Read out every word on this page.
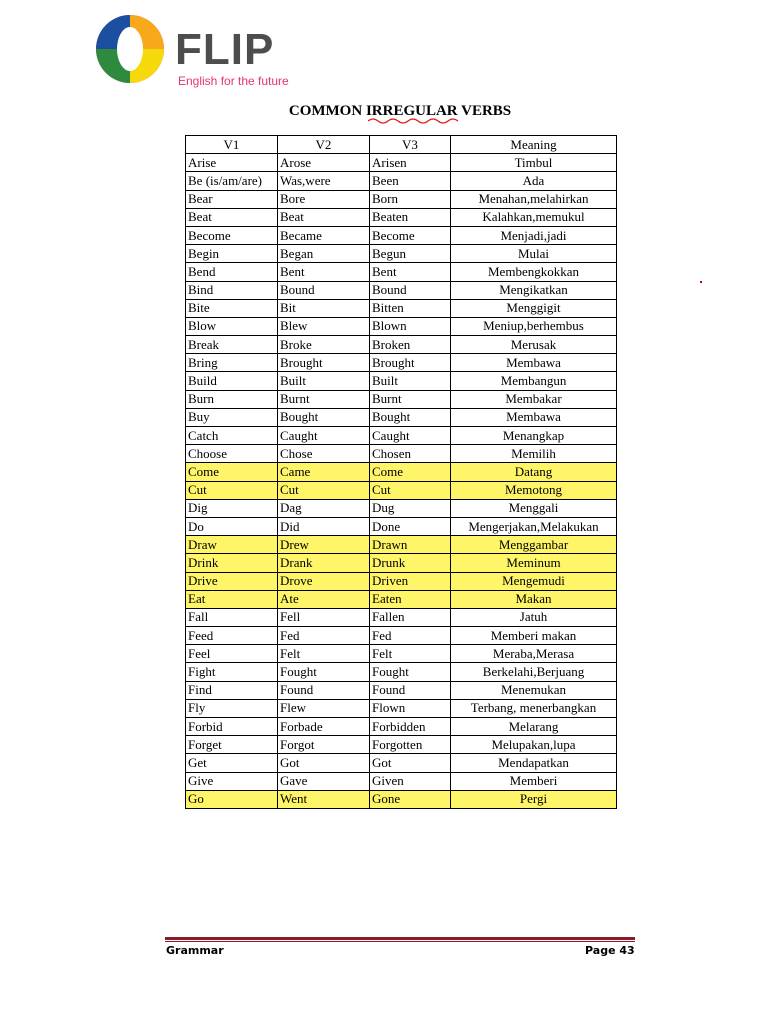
FLIP
English for the future
COMMON IRREGULAR VERBS
V1	V2	V3	Meaning
Arise	Arose	Arisen	Timbul
Be (is/am/are)	Was,were	Been	Ada
Bear	Bore	Born	Menahan,melahirkan
Beat	Beat	Beaten	Kalahkan,memukul
Become	Became	Become	Menjadi,jadi
Begin	Began	Begun	Mulai
Bend	Bent	Bent	Membengkokkan
Bind	Bound	Bound	Mengikatkan
Bite	Bit	Bitten	Menggigit
Blow	Blew	Blown	Meniup,berhembus
Break	Broke	Broken	Merusak
Bring	Brought	Brought	Membawa
Build	Built	Built	Membangun
Burn	Burnt	Burnt	Membakar
Buy	Bought	Bought	Membawa
Catch	Caught	Caught	Menangkap
Choose	Chose	Chosen	Memilih
Come	Came	Come	Datang
Cut	Cut	Cut	Memotong
Dig	Dag	Dug	Menggali
Do	Did	Done	Mengerjakan,Melakukan
Draw	Drew	Drawn	Menggambar
Drink	Drank	Drunk	Meminum
Drive	Drove	Driven	Mengemudi
Eat	Ate	Eaten	Makan
Fall	Fell	Fallen	Jatuh
Feed	Fed	Fed	Memberi makan
Feel	Felt	Felt	Meraba,Merasa
Fight	Fought	Fought	Berkelahi,Berjuang
Find	Found	Found	Menemukan
Fly	Flew	Flown	Terbang, menerbangkan
Forbid	Forbade	Forbidden	Melarang
Forget	Forgot	Forgotten	Melupakan,lupa
Get	Got	Got	Mendapatkan
Give	Gave	Given	Memberi
Go	Went	Gone	Pergi
Grammar	Page 43
